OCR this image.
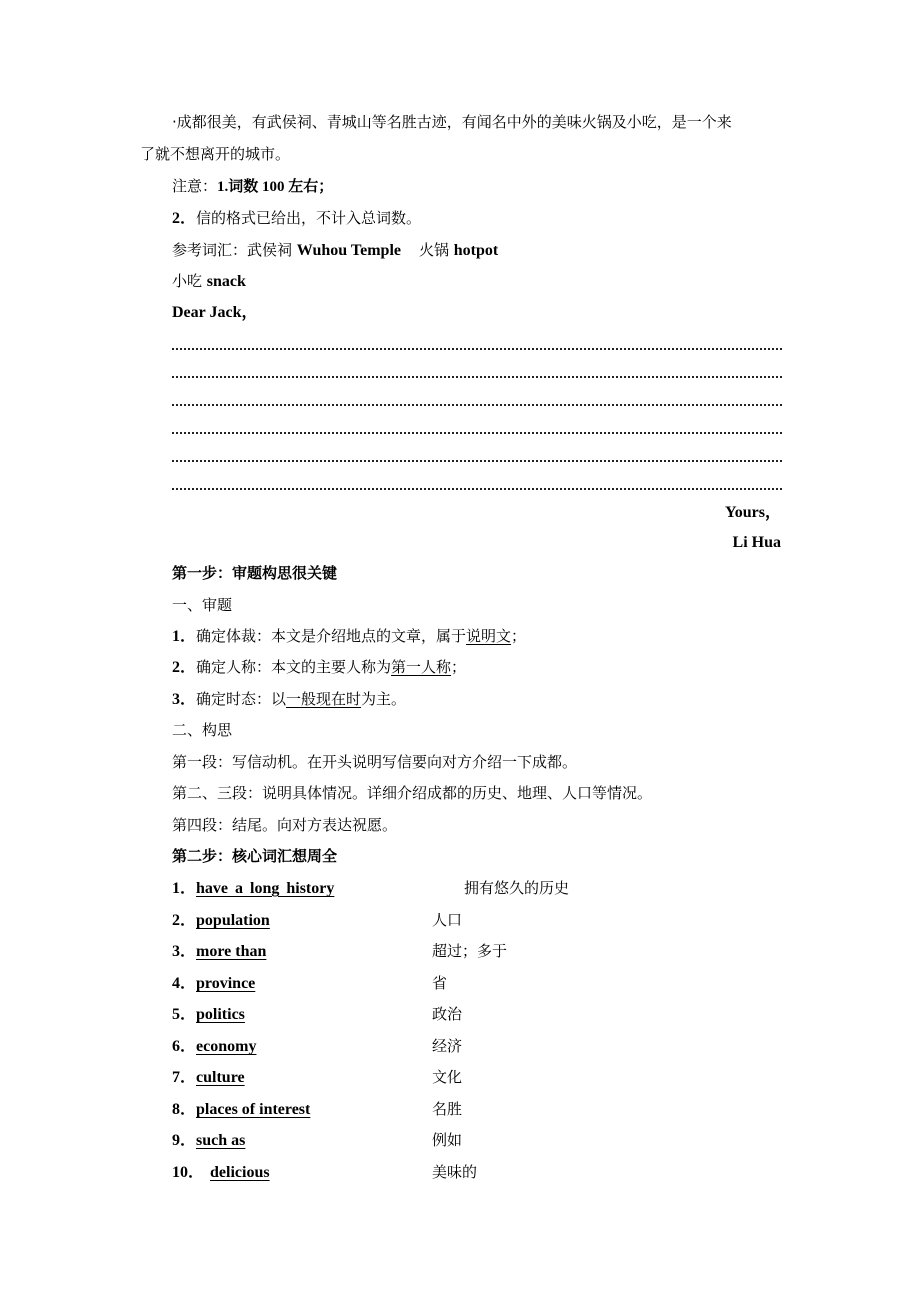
·成都很美，有武侯祠、青城山等名胜古迹，有闻名中外的美味火锅及小吃，是一个来
了就不想离开的城市。
注意：1.词数 100 左右；
2．信的格式已给出，不计入总词数。
参考词汇：武侯祠 Wuhou Temple 火锅 hotpot
小吃 snack
Dear Jack，
Yours，
Li Hua
第一步：审题构思很关键
一、审题
1．确定体裁：本文是介绍地点的文章，属于说明文；
2．确定人称：本文的主要人称为第一人称；
3．确定时态：以一般现在时为主。
二、构思
第一段：写信动机。在开头说明写信要向对方介绍一下成都。
第二、三段：说明具体情况。详细介绍成都的历史、地理、人口等情况。
第四段：结尾。向对方表达祝愿。
第二步：核心词汇想周全
1．have a long history	拥有悠久的历史
2．population	人口
3．more than	超过；多于
4．province	省
5．politics	政治
6．economy	经济
7．culture	文化
8．places of interest	名胜
9．such as	例如
10． delicious	美味的
